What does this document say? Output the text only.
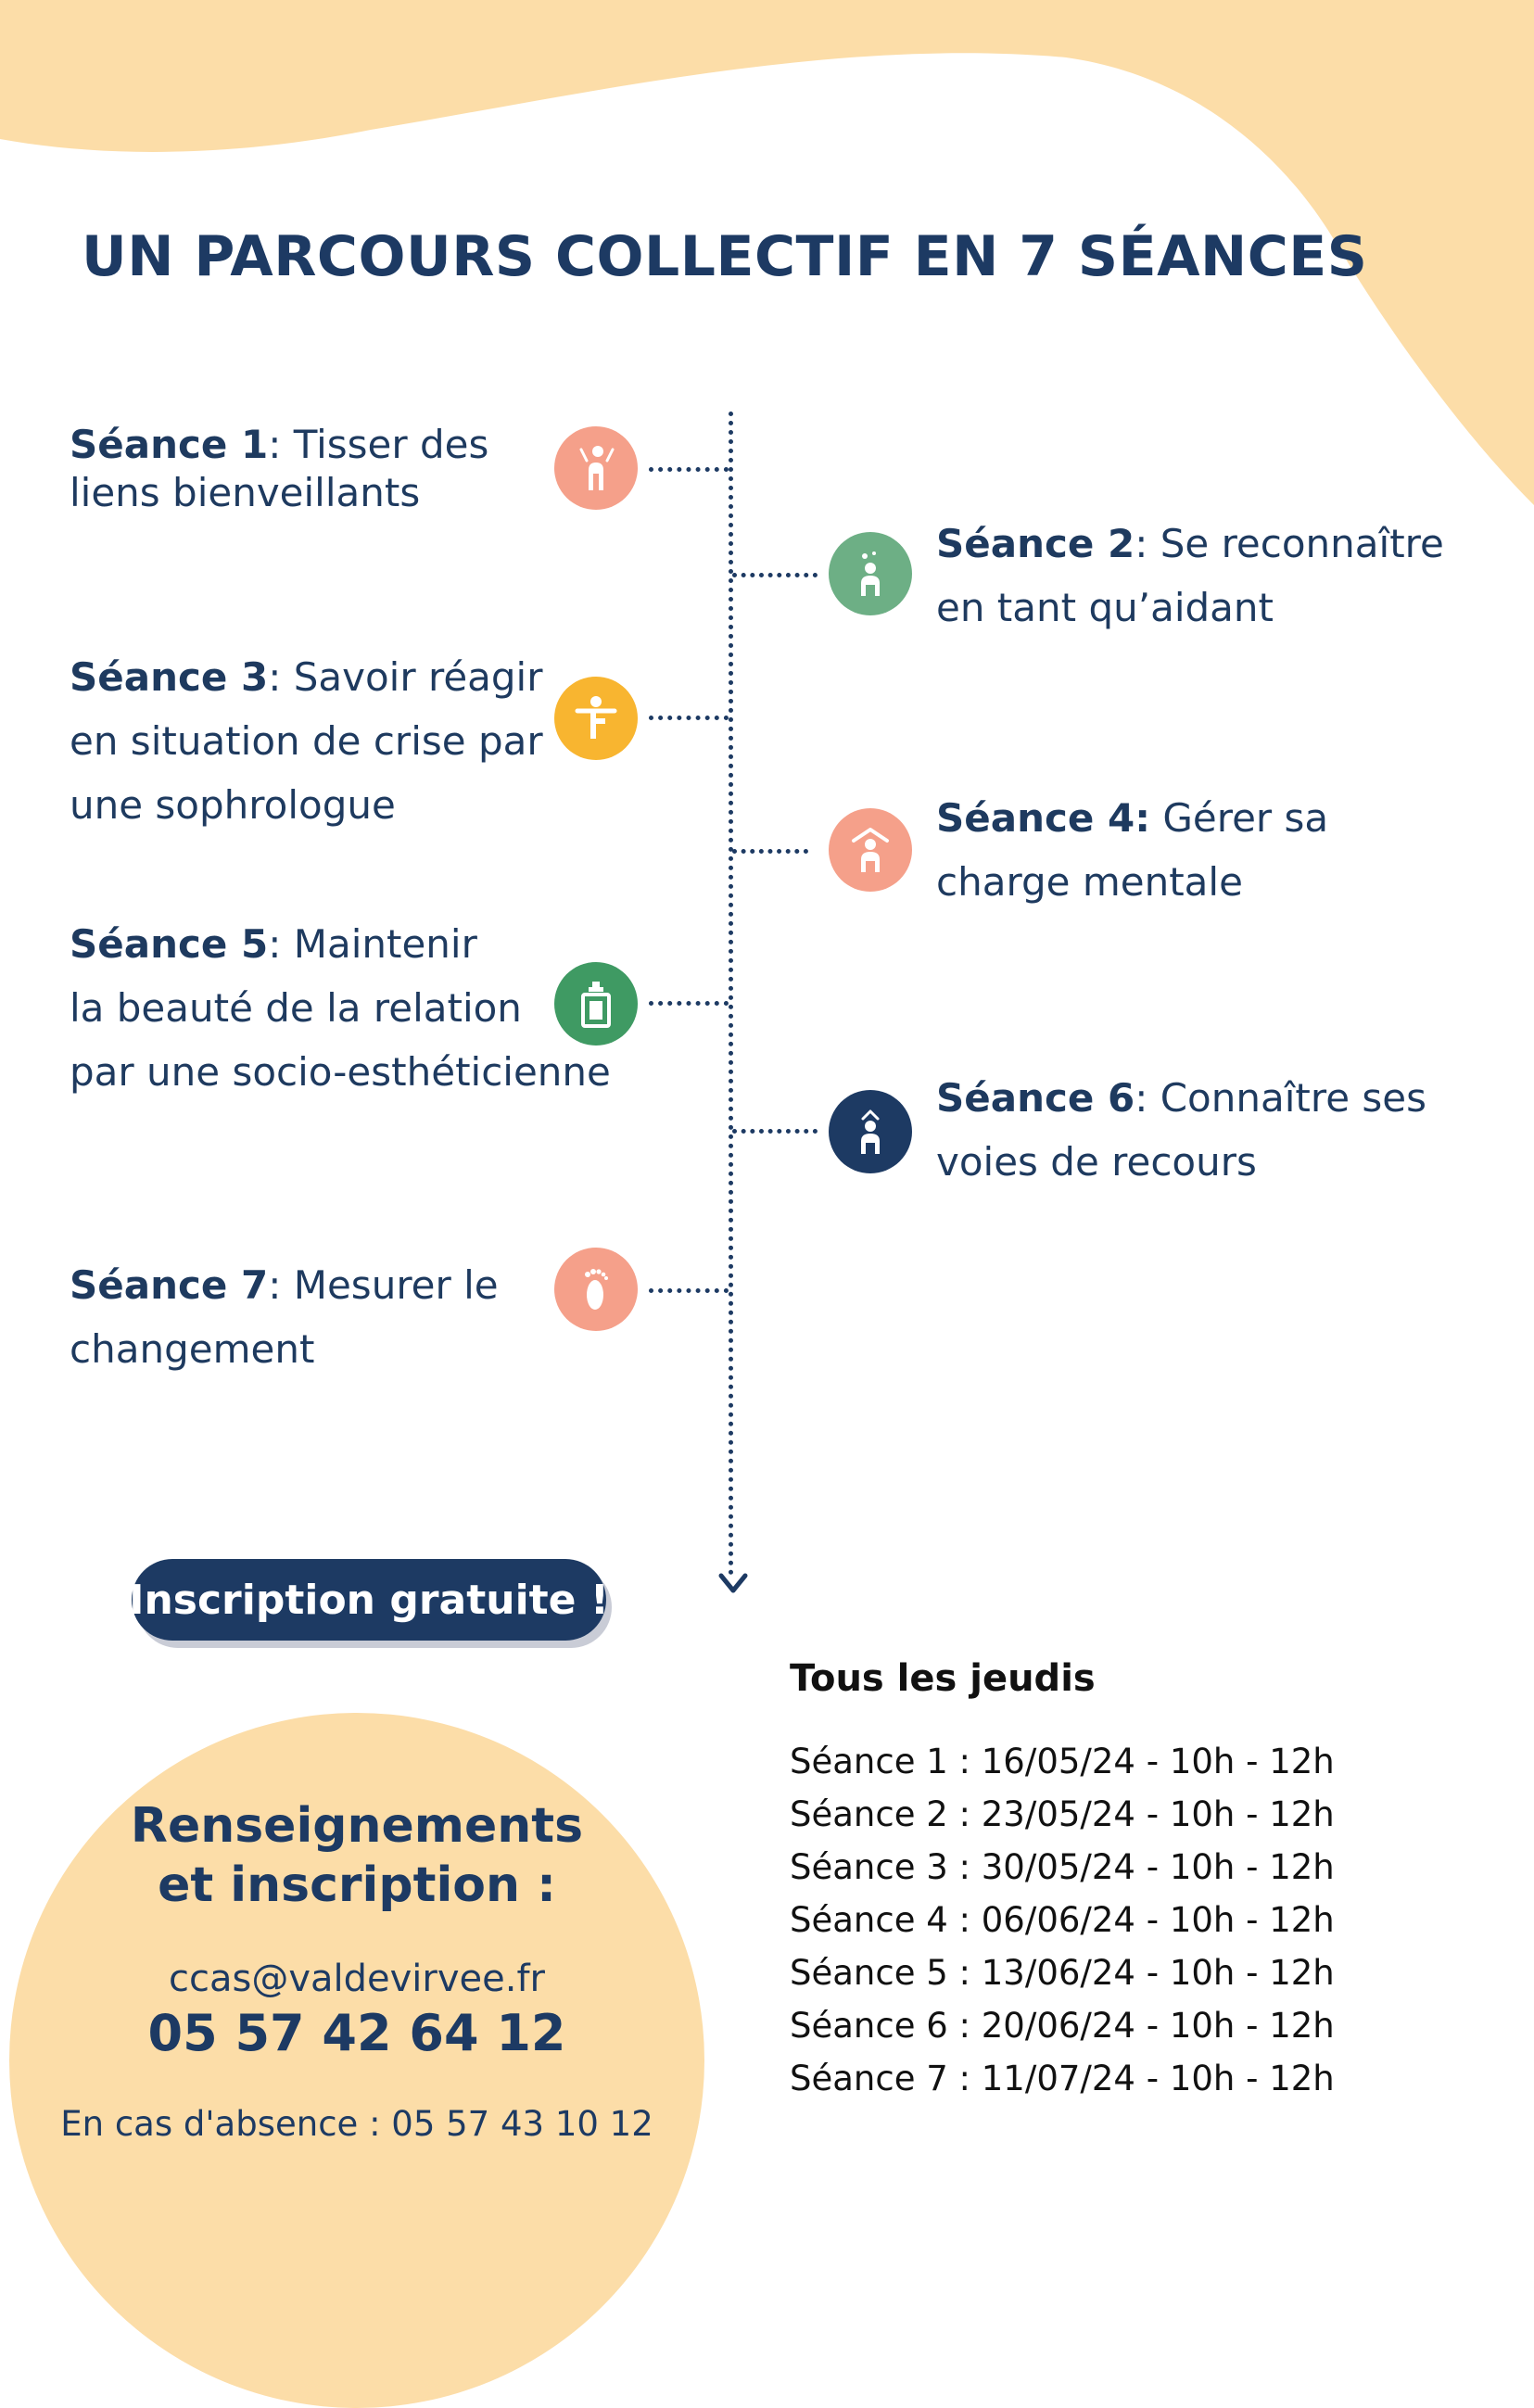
UN PARCOURS COLLECTIF EN 7 SÉANCES
Séance 1: Tisser des
liens bienveillants
Séance 2: Se reconnaître
en tant qu’aidant
Séance 3: Savoir réagir
en situation de crise par
une sophrologue	Séance 4: Gérer sa
charge mentale
Séance 5: Maintenir
la beauté de la relation
par une socio-esthéticienne
Séance 6: Connaître ses
voies de recours
Séance 7: Mesurer le
changement
Inscription gratuite !
Tous les jeudis
Séance 1 : 16/05/24 - 10h - 12h
Séance 2 : 23/05/24 - 10h - 12h
Séance 3 : 30/05/24 - 10h - 12h
Séance 4 : 06/06/24 - 10h - 12h
Séance 5 : 13/06/24 - 10h - 12h
Séance 6 : 20/06/24 - 10h - 12h
Séance 7 : 11/07/24 - 10h - 12h
Renseignements
et inscription :
ccas@valdevirvee.fr
05 57 42 64 12
En cas d'absence : 05 57 43 10 12
